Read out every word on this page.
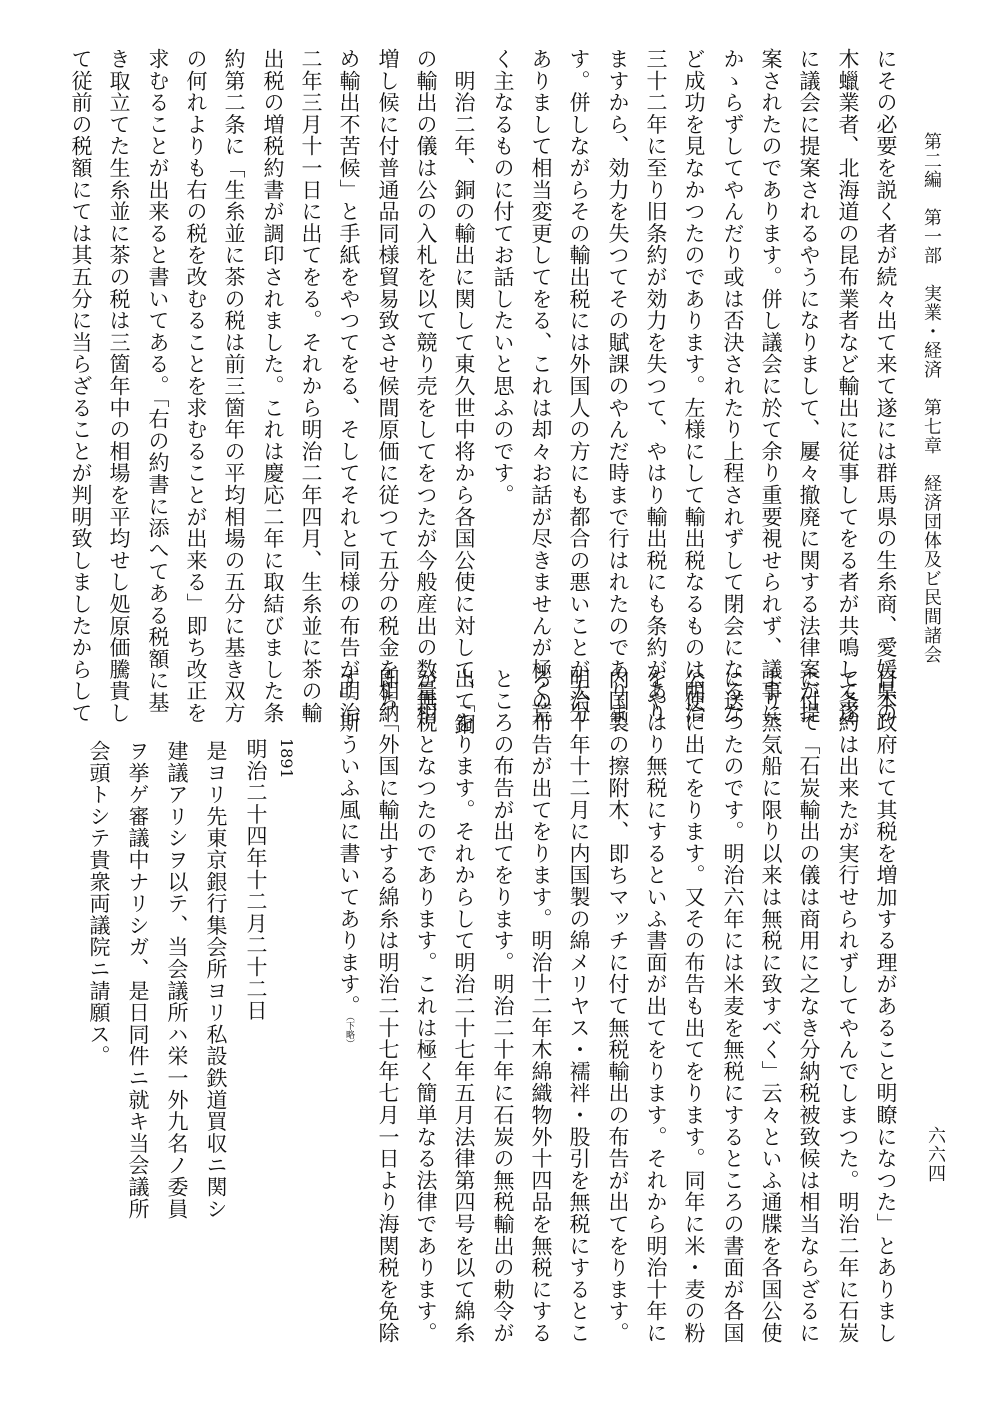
第二編　第一部　実業・経済　第七章　経済団体及ビ民間諸会
六六四
にその必要を説く者が続々出て来て遂には群馬県の生糸商、愛媛県の
木蠟業者、北海道の昆布業者など輸出に従事してをる者が共鳴して遂
に議会に提案されるやうになりまして、屢々撤廃に関する法律案が提
案されたのであります。併し議会に於て余り重要視せられず、議事に
かゝらずしてやんだり或は否決されたり上程されずして閉会になるな
ど成功を見なかつたのであります。左様にして輸出税なるものは明治
三十二年に至り旧条約が効力を失つて、やはり輸出税にも条約があり
ますから、効力を失つてその賦課のやんだ時まで行はれたのでありま
す。併しながらその輸出税には外国人の方にも都合の悪いことが大分
ありまして相当変更してをる、これは却々お話が尽きませんが極く荒
く主なるものに付てお話したいと思ふのです。
　明治二年、銅の輸出に関して東久世中将から各国公使に対して、「銅
の輸出の儀は公の入札を以て競り売をしてをつたが今般産出の数量相
増し候に付普通品同様貿易致させ候間原価に従つて五分の税金を相納
め輸出不苦候」と手紙をやつてをる、そしてそれと同様の布告が明治
二年三月十一日に出てをる。それから明治二年四月、生糸並に茶の輸
出税の増税約書が調印されました。これは慶応二年に取結びました条
約第二条に「生糸並に茶の税は前三箇年の平均相場の五分に基き双方
の何れよりも右の税を改むることを求むることが出来る」即ち改正を
求むることが出来ると書いてある。「右の約書に添へてある税額に基
き取立てた生糸並に茶の税は三箇年中の相場を平均せし処原価騰貴し
て従前の税額にては其五分に当らざることが判明致しましたからして
日本政府にて其税を増加する理があること明瞭になつた」とありまし
て条約は出来たが実行せられずしてやんでしまつた。明治二年に石炭
に付て「石炭輸出の儀は商用に之なき分納税被致候は相当ならざるに
より蒸気船に限り以来は無税に致すべく」云々といふ通牒を各国公使
に送つたのです。明治六年には米麦を無税にするところの書面が各国
公使に出てをります。又その布告も出てをります。同年に米・麦の粉
をやはり無税にするといふ書面が出てをります。それから明治十年に
内国製の擦附木、即ちマッチに付て無税輸出の布告が出てをります。
明治十年十二月に内国製の綿メリヤス・襦袢・股引を無税にするとこ
ろの布告が出てをります。明治十二年木綿織物外十四品を無税にする
ところの布告が出てをります。明治二十年に石炭の無税輸出の勅令が
出てをります。それからして明治二十七年五月法律第四号を以て綿糸
が無税となつたのであります。これは極く簡単なる法律であります。
即ち「外国に輸出する綿糸は明治二十七年七月一日より海関税を免除
す」斯ういふ風に書いてあります。（下略）
1891
明治二十四年十二月二十二日
是ヨリ先東京銀行集会所ヨリ私設鉄道買収ニ関シ
建議アリシヲ以テ、当会議所ハ栄一外九名ノ委員
ヲ挙ゲ審議中ナリシガ、是日同件ニ就キ当会議所
会頭トシテ貴衆両議院ニ請願ス。
